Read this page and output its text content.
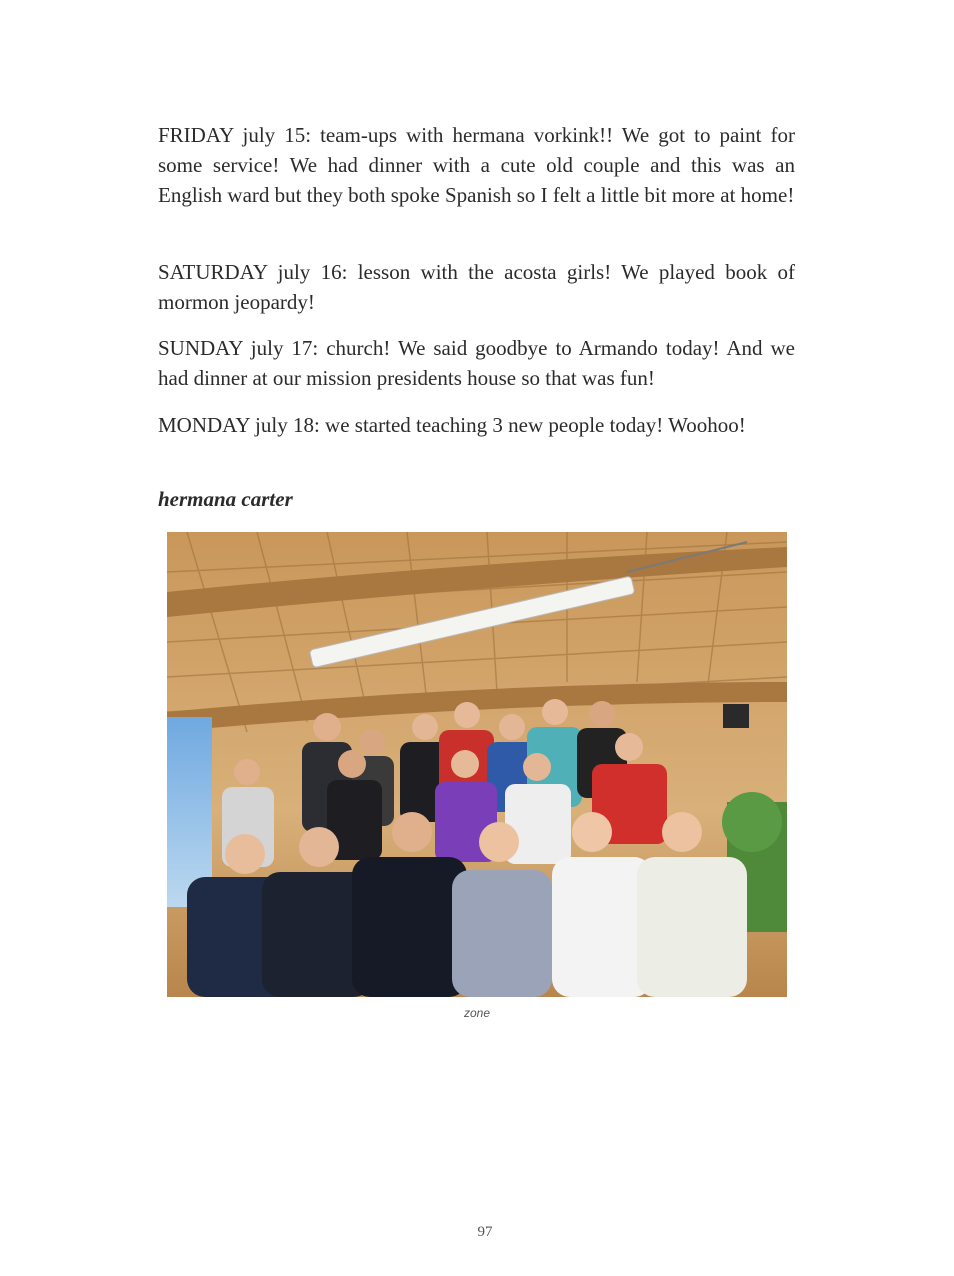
FRIDAY july 15: team-ups with hermana vorkink!! We got to paint for some service! We had dinner with a cute old couple and this was an English ward but they both spoke Spanish so I felt a little bit more at home!

SATURDAY july 16: lesson with the acosta girls! We played book of mormon jeopardy!

SUNDAY july 17: church! We said goodbye to Armando today! And we had dinner at our mission presidents house so that was fun!

MONDAY july 18: we started teaching 3 new people today! Woohoo!

hermana carter

zone
97
